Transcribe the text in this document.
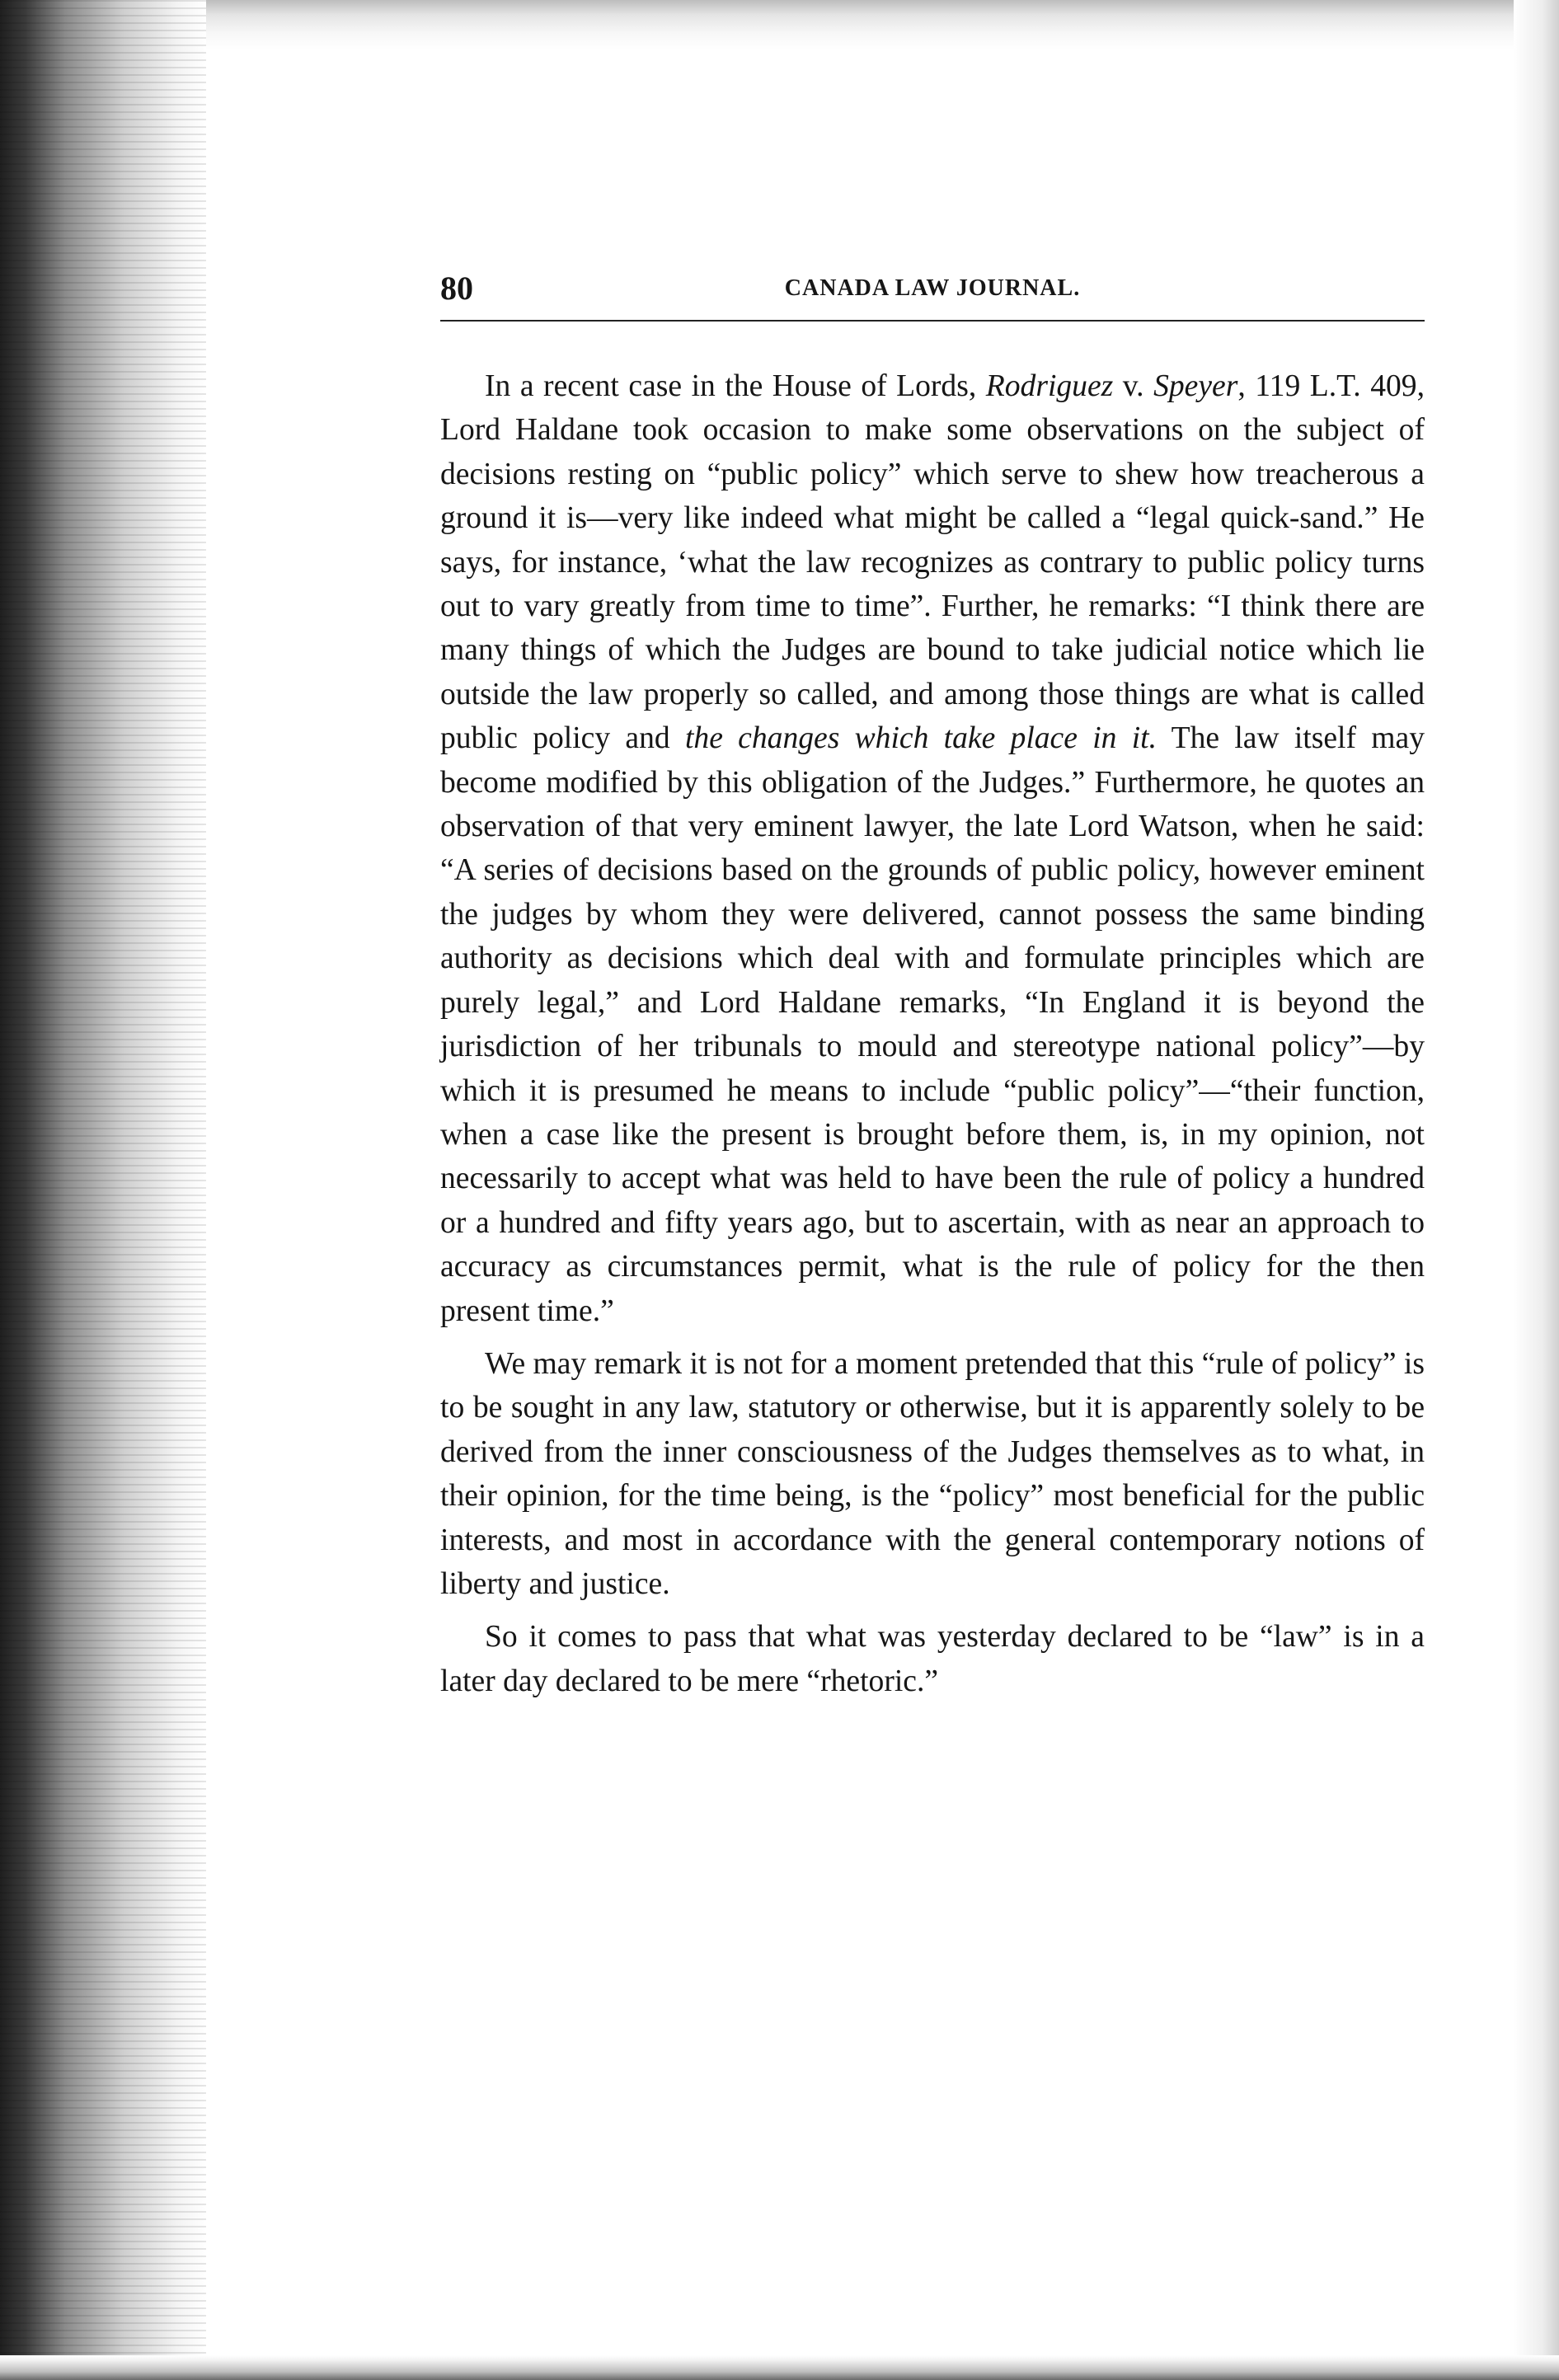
80	CANADA LAW JOURNAL.

In a recent case in the House of Lords, Rodriguez v. Speyer, 119 L.T. 409, Lord Haldane took occasion to make some observations on the subject of decisions resting on “public policy” which serve to shew how treacherous a ground it is—very like indeed what might be called a “legal quick-sand.” He says, for instance, ‘what the law recognizes as contrary to public policy turns out to vary greatly from time to time”. Further, he remarks: “I think there are many things of which the Judges are bound to take judicial notice which lie outside the law properly so called, and among those things are what is called public policy and the changes which take place in it. The law itself may become modified by this obligation of the Judges.” Furthermore, he quotes an observation of that very eminent lawyer, the late Lord Watson, when he said: “A series of decisions based on the grounds of public policy, however eminent the judges by whom they were delivered, cannot possess the same binding authority as decisions which deal with and formulate principles which are purely legal,” and Lord Haldane remarks, “In England it is beyond the jurisdiction of her tribunals to mould and stereotype national policy”—by which it is presumed he means to include “public policy”—“their function, when a case like the present is brought before them, is, in my opinion, not necessarily to accept what was held to have been the rule of policy a hundred or a hundred and fifty years ago, but to ascertain, with as near an approach to accuracy as circumstances permit, what is the rule of policy for the then present time.”

We may remark it is not for a moment pretended that this “rule of policy” is to be sought in any law, statutory or otherwise, but it is apparently solely to be derived from the inner consciousness of the Judges themselves as to what, in their opinion, for the time being, is the “policy” most beneficial for the public interests, and most in accordance with the general contemporary notions of liberty and justice.

So it comes to pass that what was yesterday declared to be “law” is in a later day declared to be mere “rhetoric.”
